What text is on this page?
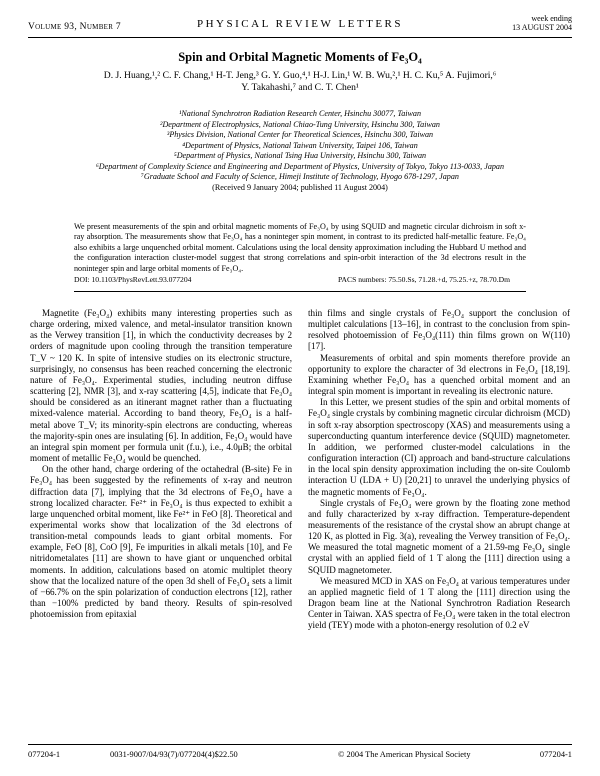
Volume 93, Number 7	PHYSICAL REVIEW LETTERS	week ending
13 AUGUST 2004
Spin and Orbital Magnetic Moments of Fe₃O₄
D. J. Huang,¹,² C. F. Chang,¹ H-T. Jeng,³ G. Y. Guo,⁴,¹ H-J. Lin,¹ W. B. Wu,²,¹ H. C. Ku,⁵ A. Fujimori,⁶
Y. Takahashi,⁷ and C. T. Chen¹
¹National Synchrotron Radiation Research Center, Hsinchu 30077, Taiwan
²Department of Electrophysics, National Chiao-Tung University, Hsinchu 300, Taiwan
³Physics Division, National Center for Theoretical Sciences, Hsinchu 300, Taiwan
⁴Department of Physics, National Taiwan University, Taipei 106, Taiwan
⁵Department of Physics, National Tsing Hua University, Hsinchu 300, Taiwan
⁶Department of Complexity Science and Engineering and Department of Physics, University of Tokyo, Tokyo 113-0033, Japan
⁷Graduate School and Faculty of Science, Himeji Institute of Technology, Hyogo 678-1297, Japan
(Received 9 January 2004; published 11 August 2004)
We present measurements of the spin and orbital magnetic moments of Fe₃O₄ by using SQUID and magnetic circular dichroism in soft x-ray absorption. The measurements show that Fe₃O₄ has a noninteger spin moment, in contrast to its predicted half-metallic feature. Fe₃O₄ also exhibits a large unquenched orbital moment. Calculations using the local density approximation including the Hubbard U method and the configuration interaction cluster-model suggest that strong correlations and spin-orbit interaction of the 3d electrons result in the noninteger spin and large orbital moments of Fe₃O₄.
DOI: 10.1103/PhysRevLett.93.077204	PACS numbers: 75.50.Ss, 71.28.+d, 75.25.+z, 78.70.Dm

Magnetite (Fe₃O₄) exhibits many interesting properties such as charge ordering, mixed valence, and metal-insulator transition known as the Verwey transition [1], in which the conductivity decreases by 2 orders of magnitude upon cooling through the transition temperature T_V ~ 120 K. In spite of intensive studies on its electronic structure, surprisingly, no consensus has been reached concerning the electronic nature of Fe₃O₄. Experimental studies, including neutron diffuse scattering [2], NMR [3], and x-ray scattering [4,5], indicate that Fe₃O₄ should be considered as an itinerant magnet rather than a fluctuating mixed-valence material. According to band theory, Fe₃O₄ is a half-metal above T_V; its minority-spin electrons are conducting, whereas the majority-spin ones are insulating [6]. In addition, Fe₃O₄ would have an integral spin moment per formula unit (f.u.), i.e., 4.0μB; the orbital moment of metallic Fe₃O₄ would be quenched.

On the other hand, charge ordering of the octahedral (B-site) Fe in Fe₃O₄ has been suggested by the refinements of x-ray and neutron diffraction data [7], implying that the 3d electrons of Fe₃O₄ have a strong localized character. Fe²⁺ in Fe₃O₄ is thus expected to exhibit a large unquenched orbital moment, like Fe²⁺ in FeO [8]. Theoretical and experimental works show that localization of the 3d electrons of transition-metal compounds leads to giant orbital moments. For example, FeO [8], CoO [9], Fe impurities in alkali metals [10], and Fe nitridometalates [11] are shown to have giant or unquenched orbital moments. In addition, calculations based on atomic multiplet theory show that the localized nature of the open 3d shell of Fe₃O₄ sets a limit of −66.7% on the spin polarization of conduction electrons [12], rather than −100% predicted by band theory. Results of spin-resolved photoemission from epitaxial

thin films and single crystals of Fe₃O₄ support the conclusion of multiplet calculations [13–16], in contrast to the conclusion from spin-resolved photoemission of Fe₃O₄(111) thin films grown on W(110) [17].

Measurements of orbital and spin moments therefore provide an opportunity to explore the character of 3d electrons in Fe₃O₄ [18,19]. Examining whether Fe₃O₄ has a quenched orbital moment and an integral spin moment is important in revealing its electronic nature.

In this Letter, we present studies of the spin and orbital moments of Fe₃O₄ single crystals by combining magnetic circular dichroism (MCD) in soft x-ray absorption spectroscopy (XAS) and measurements using a superconducting quantum interference device (SQUID) magnetometer. In addition, we performed cluster-model calculations in the configuration interaction (CI) approach and band-structure calculations in the local spin density approximation including the on-site Coulomb interaction U (LDA + U) [20,21] to unravel the underlying physics of the magnetic moments of Fe₃O₄.

Single crystals of Fe₃O₄ were grown by the floating zone method and fully characterized by x-ray diffraction. Temperature-dependent measurements of the resistance of the crystal show an abrupt change at 120 K, as plotted in Fig. 3(a), revealing the Verwey transition of Fe₃O₄. We measured the total magnetic moment of a 21.59-mg Fe₃O₄ single crystal with an applied field of 1 T along the [111] direction using a SQUID magnetometer.

We measured MCD in XAS on Fe₃O₄ at various temperatures under an applied magnetic field of 1 T along the [111] direction using the Dragon beam line at the National Synchrotron Radiation Research Center in Taiwan. XAS spectra of Fe₃O₄ were taken in the total electron yield (TEY) mode with a photon-energy resolution of 0.2 eV

077204-1	0031-9007/04/93(7)/077204(4)$22.50	© 2004 The American Physical Society	077204-1
